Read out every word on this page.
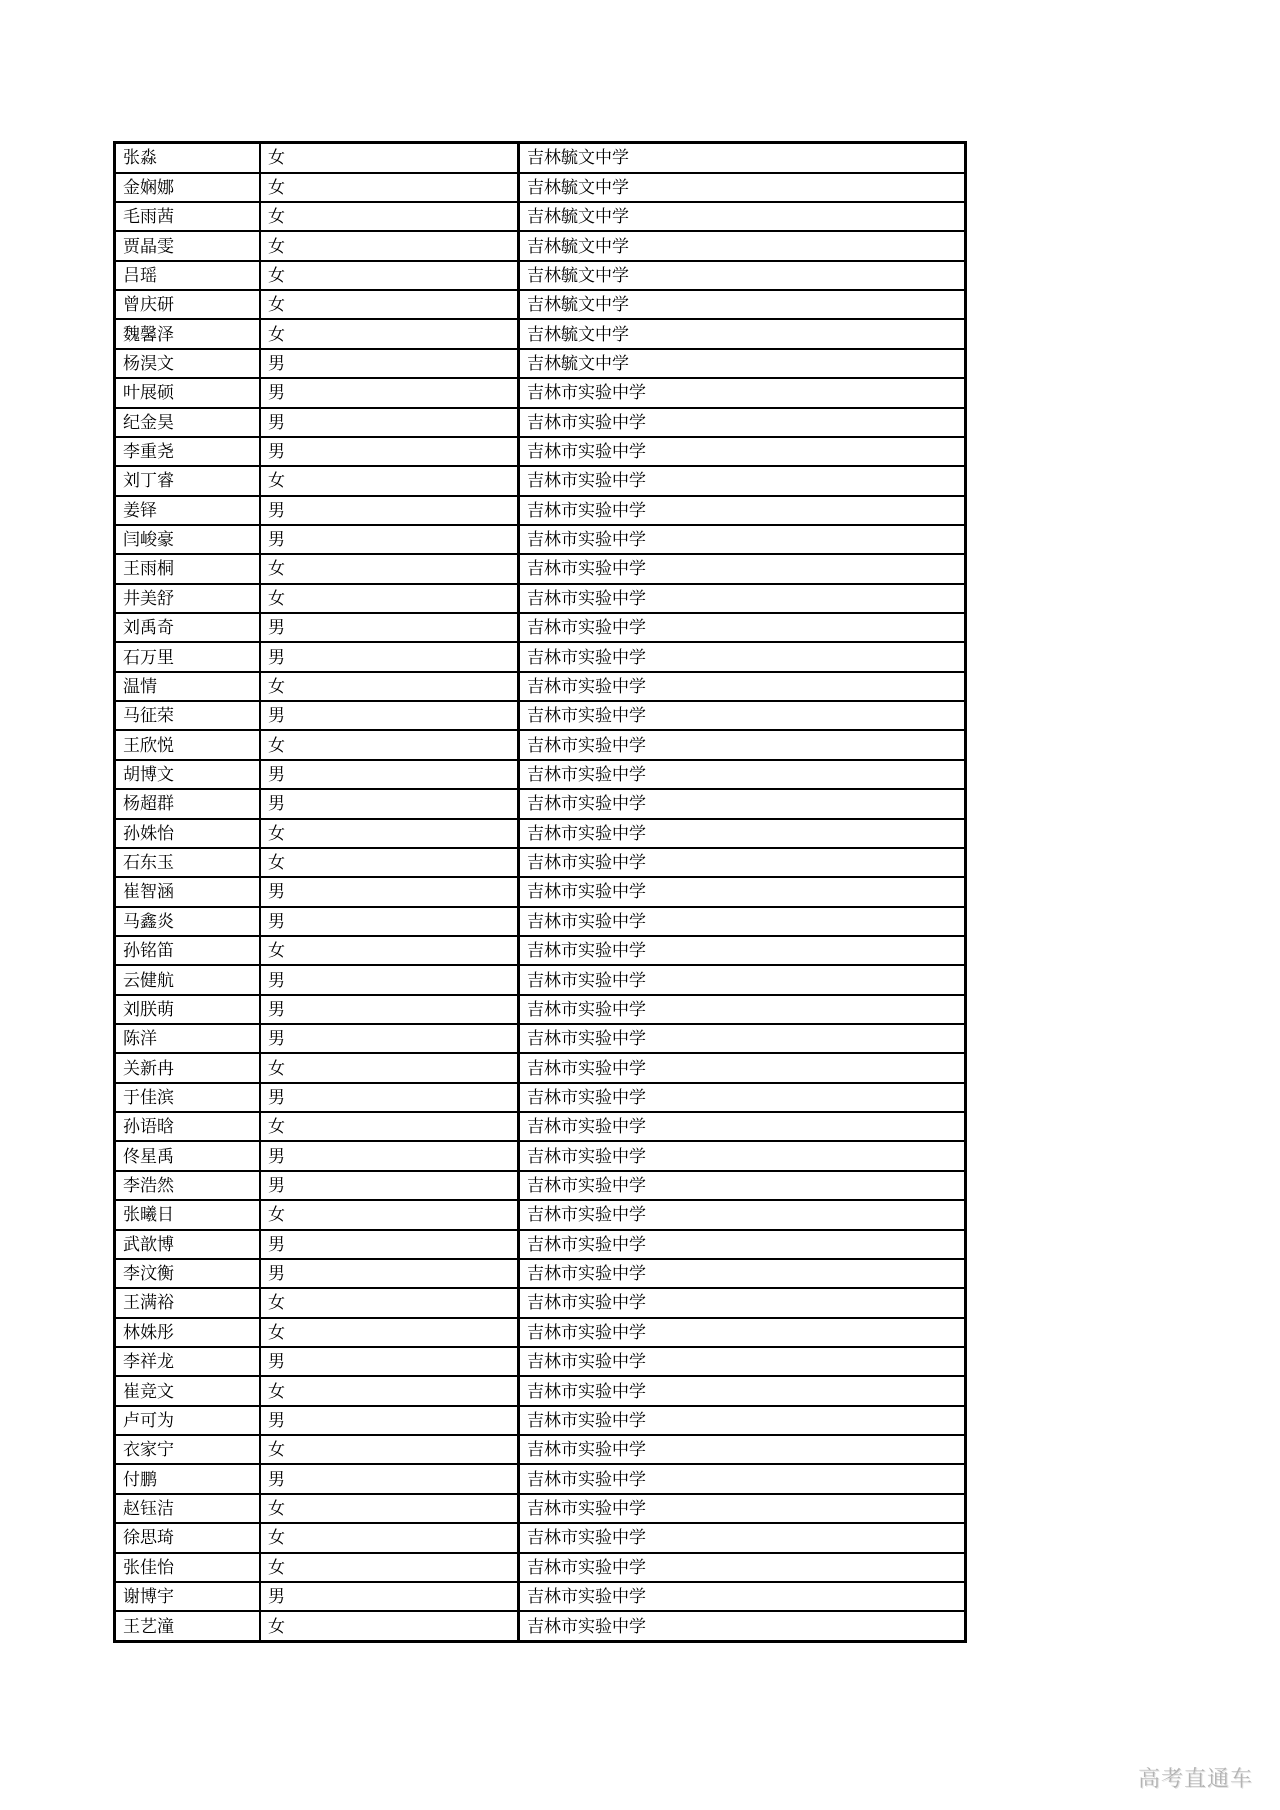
张淼	女	吉林毓文中学
金娴娜	女	吉林毓文中学
毛雨茜	女	吉林毓文中学
贾晶雯	女	吉林毓文中学
吕瑶	女	吉林毓文中学
曾庆研	女	吉林毓文中学
魏馨泽	女	吉林毓文中学
杨淏文	男	吉林毓文中学
叶展硕	男	吉林市实验中学
纪金昊	男	吉林市实验中学
李重尧	男	吉林市实验中学
刘丁睿	女	吉林市实验中学
姜铎	男	吉林市实验中学
闫峻豪	男	吉林市实验中学
王雨桐	女	吉林市实验中学
井美舒	女	吉林市实验中学
刘禹奇	男	吉林市实验中学
石万里	男	吉林市实验中学
温情	女	吉林市实验中学
马征荣	男	吉林市实验中学
王欣悦	女	吉林市实验中学
胡博文	男	吉林市实验中学
杨超群	男	吉林市实验中学
孙姝怡	女	吉林市实验中学
石东玉	女	吉林市实验中学
崔智涵	男	吉林市实验中学
马鑫炎	男	吉林市实验中学
孙铭笛	女	吉林市实验中学
云健航	男	吉林市实验中学
刘朕萌	男	吉林市实验中学
陈洋	男	吉林市实验中学
关新冉	女	吉林市实验中学
于佳滨	男	吉林市实验中学
孙语晗	女	吉林市实验中学
佟星禹	男	吉林市实验中学
李浩然	男	吉林市实验中学
张曦日	女	吉林市实验中学
武歆博	男	吉林市实验中学
李汶衡	男	吉林市实验中学
王满裕	女	吉林市实验中学
林姝彤	女	吉林市实验中学
李祥龙	男	吉林市实验中学
崔竞文	女	吉林市实验中学
卢可为	男	吉林市实验中学
衣家宁	女	吉林市实验中学
付鹏	男	吉林市实验中学
赵钰洁	女	吉林市实验中学
徐思琦	女	吉林市实验中学
张佳怡	女	吉林市实验中学
谢博宇	男	吉林市实验中学
王艺潼	女	吉林市实验中学
高考直通车
